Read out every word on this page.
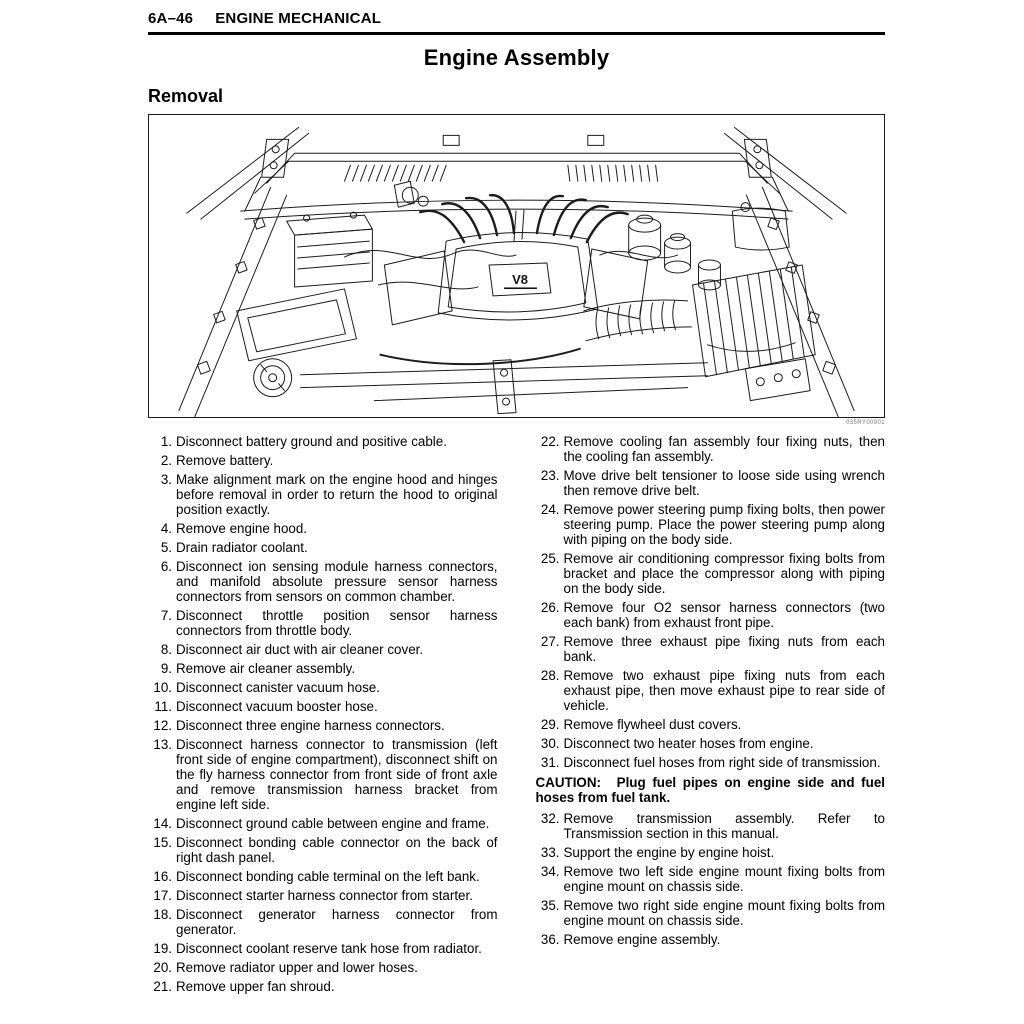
6A–46 ENGINE MECHANICAL
Engine Assembly
Removal
V8
035RY00001
1. Disconnect battery ground and positive cable.
2. Remove battery.
3. Make alignment mark on the engine hood and hinges before removal in order to return the hood to original position exactly.
4. Remove engine hood.
5. Drain radiator coolant.
6. Disconnect ion sensing module harness connectors, and manifold absolute pressure sensor harness connectors from sensors on common chamber.
7. Disconnect throttle position sensor harness connectors from throttle body.
8. Disconnect air duct with air cleaner cover.
9. Remove air cleaner assembly.
10. Disconnect canister vacuum hose.
11. Disconnect vacuum booster hose.
12. Disconnect three engine harness connectors.
13. Disconnect harness connector to transmission (left front side of engine compartment), disconnect shift on the fly harness connector from front side of front axle and remove transmission harness bracket from engine left side.
14. Disconnect ground cable between engine and frame.
15. Disconnect bonding cable connector on the back of right dash panel.
16. Disconnect bonding cable terminal on the left bank.
17. Disconnect starter harness connector from starter.
18. Disconnect generator harness connector from generator.
19. Disconnect coolant reserve tank hose from radiator.
20. Remove radiator upper and lower hoses.
21. Remove upper fan shroud.
22. Remove cooling fan assembly four fixing nuts, then the cooling fan assembly.
23. Move drive belt tensioner to loose side using wrench then remove drive belt.
24. Remove power steering pump fixing bolts, then power steering pump. Place the power steering pump along with piping on the body side.
25. Remove air conditioning compressor fixing bolts from bracket and place the compressor along with piping on the body side.
26. Remove four O2 sensor harness connectors (two each bank) from exhaust front pipe.
27. Remove three exhaust pipe fixing nuts from each bank.
28. Remove two exhaust pipe fixing nuts from each exhaust pipe, then move exhaust pipe to rear side of vehicle.
29. Remove flywheel dust covers.
30. Disconnect two heater hoses from engine.
31. Disconnect fuel hoses from right side of transmission.
CAUTION: Plug fuel pipes on engine side and fuel hoses from fuel tank.
32. Remove transmission assembly. Refer to Transmission section in this manual.
33. Support the engine by engine hoist.
34. Remove two left side engine mount fixing bolts from engine mount on chassis side.
35. Remove two right side engine mount fixing bolts from engine mount on chassis side.
36. Remove engine assembly.
